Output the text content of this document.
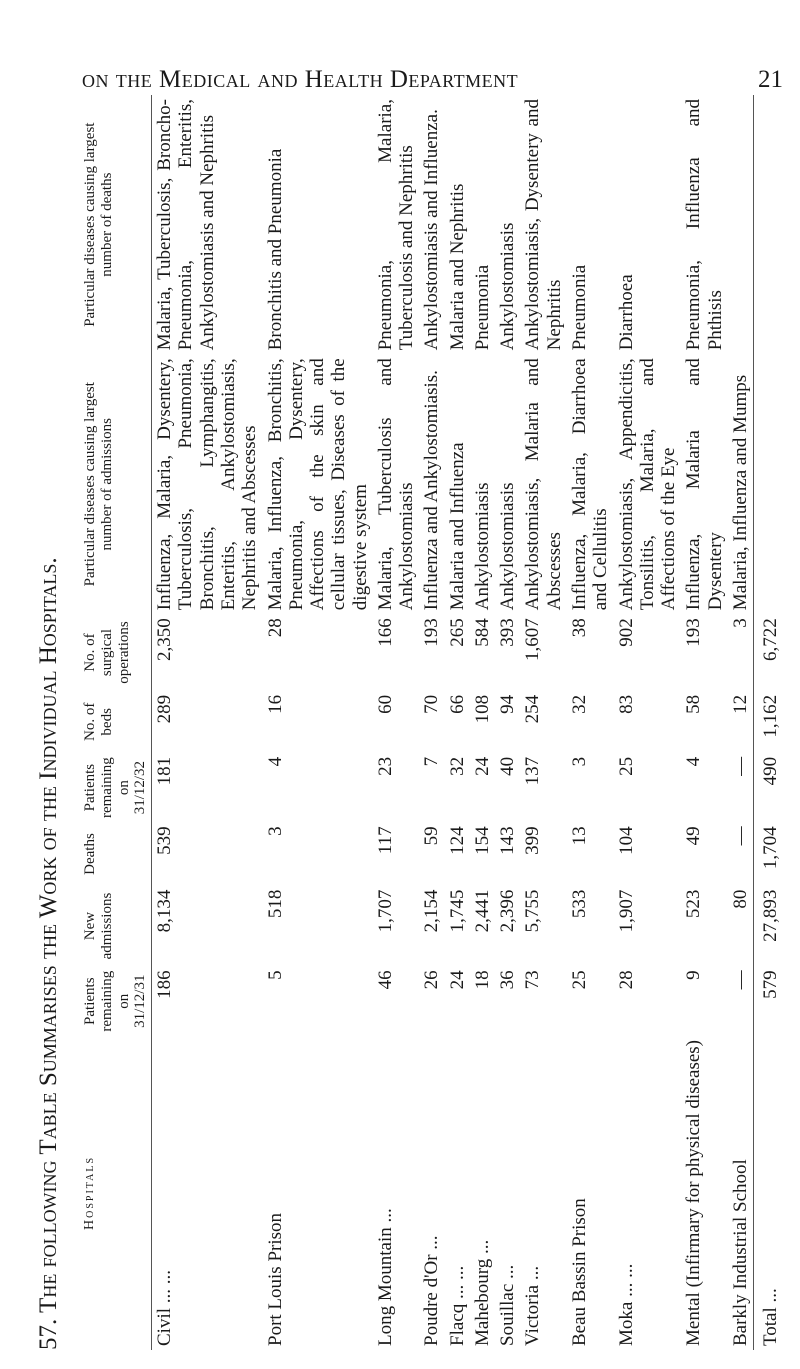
on the Medical and Health Department	21
57. The following Table Summarises the Work of the Individual Hospitals.	Hospitals	Patients remaining on 31/12/31	New admissions	Deaths	Patients remaining on 31/12/32	No. of beds	No. of surgical operations	Particular diseases causing largest number of admissions	Particular diseases causing largest number of deaths
Civil ... ...	186	8,134	539	181	289	2,350	Influenza, Malaria, Dysentery, Tuberculosis, Pneumonia, Bronchitis, Lymphangitis, Enteritis, Ankylostomiasis, Nephritis and Abscesses	Malaria, Tuberculosis, Broncho-Pneumonia, Enteritis, Ankylostomiasis and Nephritis
Port Louis Prison	5	518	3	4	16	28	Malaria, Influenza, Bronchitis, Pneumonia, Dysentery, Affections of the skin and cellular tissues, Diseases of the digestive system	Bronchitis and Pneumonia
Long Mountain ...	46	1,707	117	23	60	166	Malaria, Tuberculosis and Ankylostomiasis	Pneumonia, Malaria, Tuberculosis and Nephritis
Poudre d'Or ...	26	2,154	59	7	70	193	Influenza and Ankylostomiasis.	Ankylostomiasis and Influenza.
Flacq ... ...	24	1,745	124	32	66	265	Malaria and Influenza	Malaria and Nephritis
Mahebourg ...	18	2,441	154	24	108	584	Ankylostomiasis	Pneumonia
Souillac ...	36	2,396	143	40	94	393	Ankylostomiasis	Ankylostomiasis
Victoria ...	73	5,755	399	137	254	1,607	Ankylostomiasis, Malaria and Abscesses	Ankylostomiasis, Dysentery and Nephritis
Beau Bassin Prison	25	533	13	3	32	38	Influenza, Malaria, Diarrhoea and Cellulitis	Pneumonia
Moka ... ...	28	1,907	104	25	83	902	Ankylostomiasis, Appendicitis, Tonsilitis, Malaria, and Affections of the Eye	Diarrhoea
Mental (Infirmary for physical diseases)	9	523	49	4	58	193	Influenza, Malaria and Dysentery	Pneumonia, Influenza and Phthisis
Barkly Industrial School	—	80	—	—	12	3	Malaria, Influenza and Mumps	
Total ...	579	27,893	1,704	490	1,162	6,722		
